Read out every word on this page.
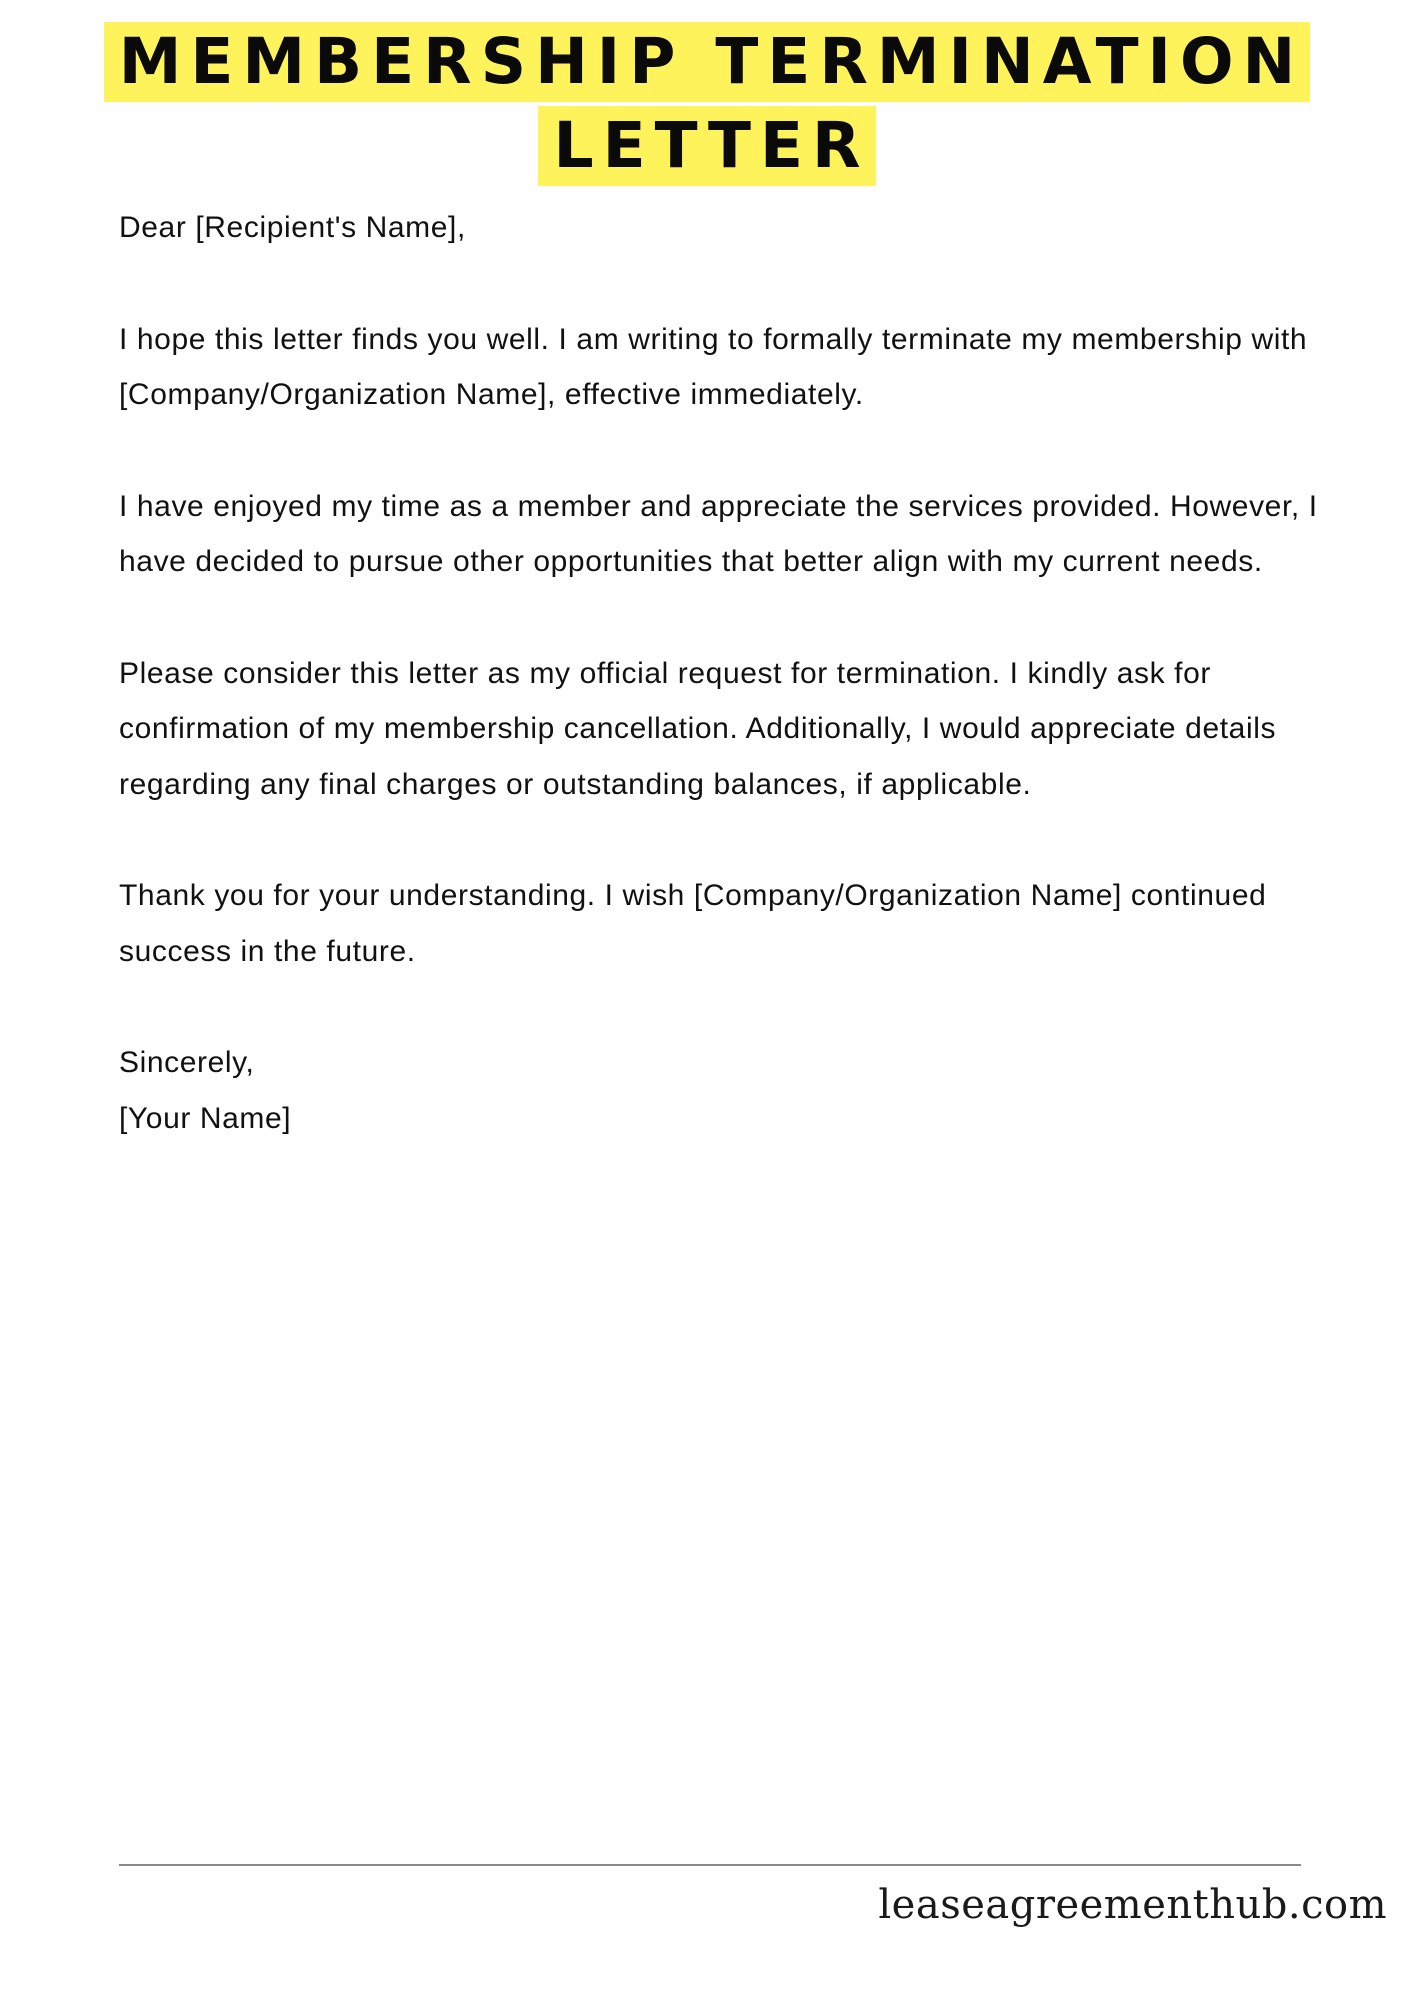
MEMBERSHIP TERMINATION
LETTER

Dear [Recipient's Name],

I hope this letter finds you well. I am writing to formally terminate my membership with [Company/Organization Name], effective immediately.

I have enjoyed my time as a member and appreciate the services provided. However, I have decided to pursue other opportunities that better align with my current needs.

Please consider this letter as my official request for termination. I kindly ask for confirmation of my membership cancellation. Additionally, I would appreciate details regarding any final charges or outstanding balances, if applicable.

Thank you for your understanding. I wish [Company/Organization Name] continued success in the future.

Sincerely,

[Your Name]

leaseagreementhub.com
